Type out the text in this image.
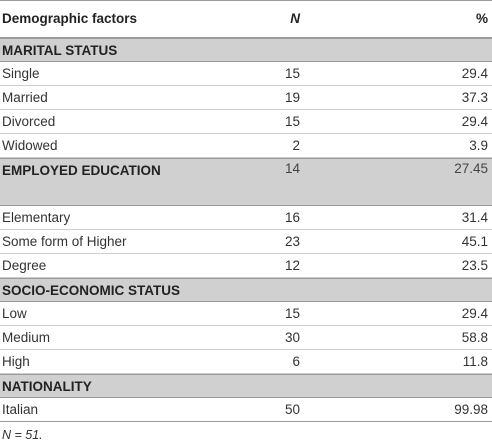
Demographic factors	N	%
MARITAL STATUS
Single	15	29.4
Married	19	37.3
Divorced	15	29.4
Widowed	2	3.9
EMPLOYED EDUCATION	14	27.45
Elementary	16	31.4
Some form of Higher	23	45.1
Degree	12	23.5
SOCIO-ECONOMIC STATUS
Low	15	29.4
Medium	30	58.8
High	6	11.8
NATIONALITY
Italian	50	99.98
N = 51.
